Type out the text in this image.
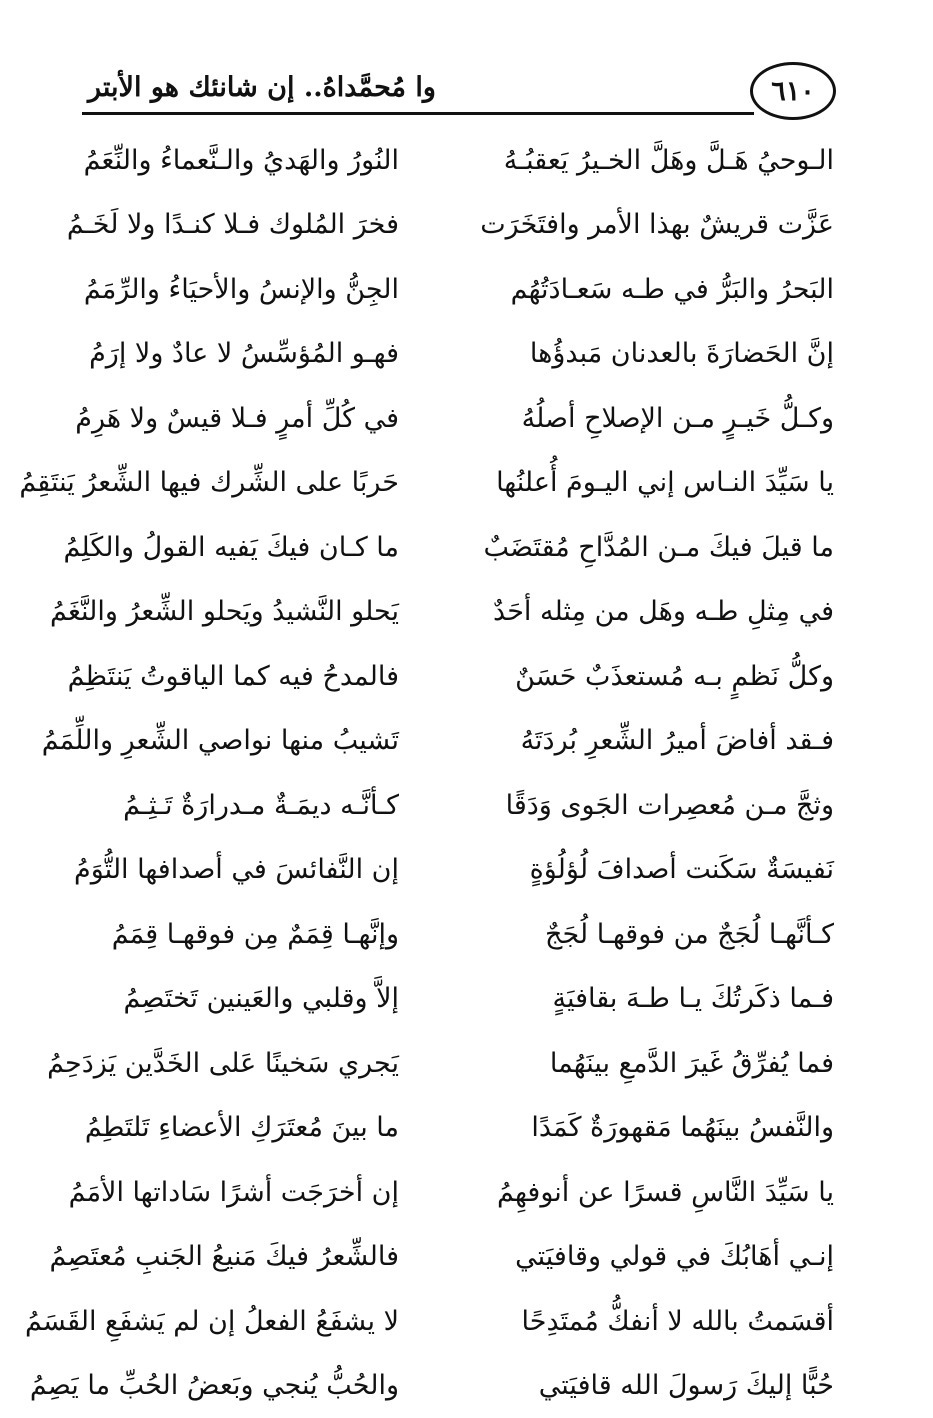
٦١٠
وا مُحمَّداهُ.. إن شانئك هو الأبتر
الـوحيُ هَـلَّ وهَلَّ الخـيرُ يَعقبُـهُ
النُورُ والهَديُ والـنَّعماءُ والنِّعَمُ
عَزَّت قريشٌ بهذا الأمر وافتَخَرَت
فخرَ المُلوك فـلا كنـدًا ولا لَخَـمُ
البَحرُ والبَرُّ في طـه سَعـادَتُهُم
الجِنُّ والإنسُ والأحيَاءُ والرِّمَمُ
إنَّ الحَضارَةَ بالعدنان مَبدؤُها
فهـو المُؤسِّسُ لا عادٌ ولا إرَمُ
وكـلُّ خَيـرٍ مـن الإصلاحِ أصلُهُ
في كُلِّ أمرٍ فـلا قيسٌ ولا هَرِمُ
يا سَيِّدَ النـاس إني اليـومَ أُعلنُها
حَربًا على الشِّرك فيها الشِّعرُ يَنتَقِمُ
ما قيلَ فيكَ مـن المُدَّاحِ مُقتَضَبٌ
ما كـان فيكَ يَفيه القولُ والكَلِمُ
في مِثلِ طـه وهَل من مِثله أحَدٌ
يَحلو النَّشيدُ ويَحلو الشِّعرُ والنَّغَمُ
وكلُّ نَظمٍ بـه مُستعذَبٌ حَسَنٌ
فالمدحُ فيه كما الياقوتُ يَنتَظِمُ
فـقد أفاضَ أميرُ الشِّعرِ بُردَتَهُ
تَشيبُ منها نواصي الشِّعرِ واللِّمَمُ
وثجَّ مـن مُعصِرات الجَوى وَدَقًا
كـأنَّـه ديمَـةٌ مـدرارَةٌ تَـثِـمُ
نَفيسَةٌ سَكَنت أصدافَ لُؤلُؤةٍ
إن النَّفائسَ في أصدافها التُّوَمُ
كـأنَّهـا لُجَجٌ من فوقهـا لُجَجٌ
وإنَّهـا قِمَمٌ مِن فوقهـا قِمَمُ
فـما ذكَرتُكَ يـا طـهَ بقافيَةٍ
إلاَّ وقلبي والعَينين تَختَصِمُ
فما يُفرِّقُ غَيرَ الدَّمعِ بينَهُما
يَجري سَخينًا عَلى الخَدَّين يَزدَحِمُ
والنَّفسُ بينَهُما مَقهورَةٌ كَمَدًا
ما بينَ مُعتَرَكِ الأعضاءِ تَلتَطِمُ
يا سَيِّدَ النَّاسِ قسرًا عن أنوفهِمُ
إن أخرَجَت أشرًا سَاداتها الأمَمُ
إنـي أهَابُكَ في قولي وقافيَتي
فالشِّعرُ فيكَ مَنيعُ الجَنبِ مُعتَصِمُ
أقسَمتُ بالله لا أنفكُّ مُمتَدِحًا
لا يشفَعُ الفعلُ إن لم يَشفَعِ القَسَمُ
حُبًّا إليكَ رَسولَ الله قافيَتي
والحُبُّ يُنجي وبَعضُ الحُبِّ ما يَصِمُ
